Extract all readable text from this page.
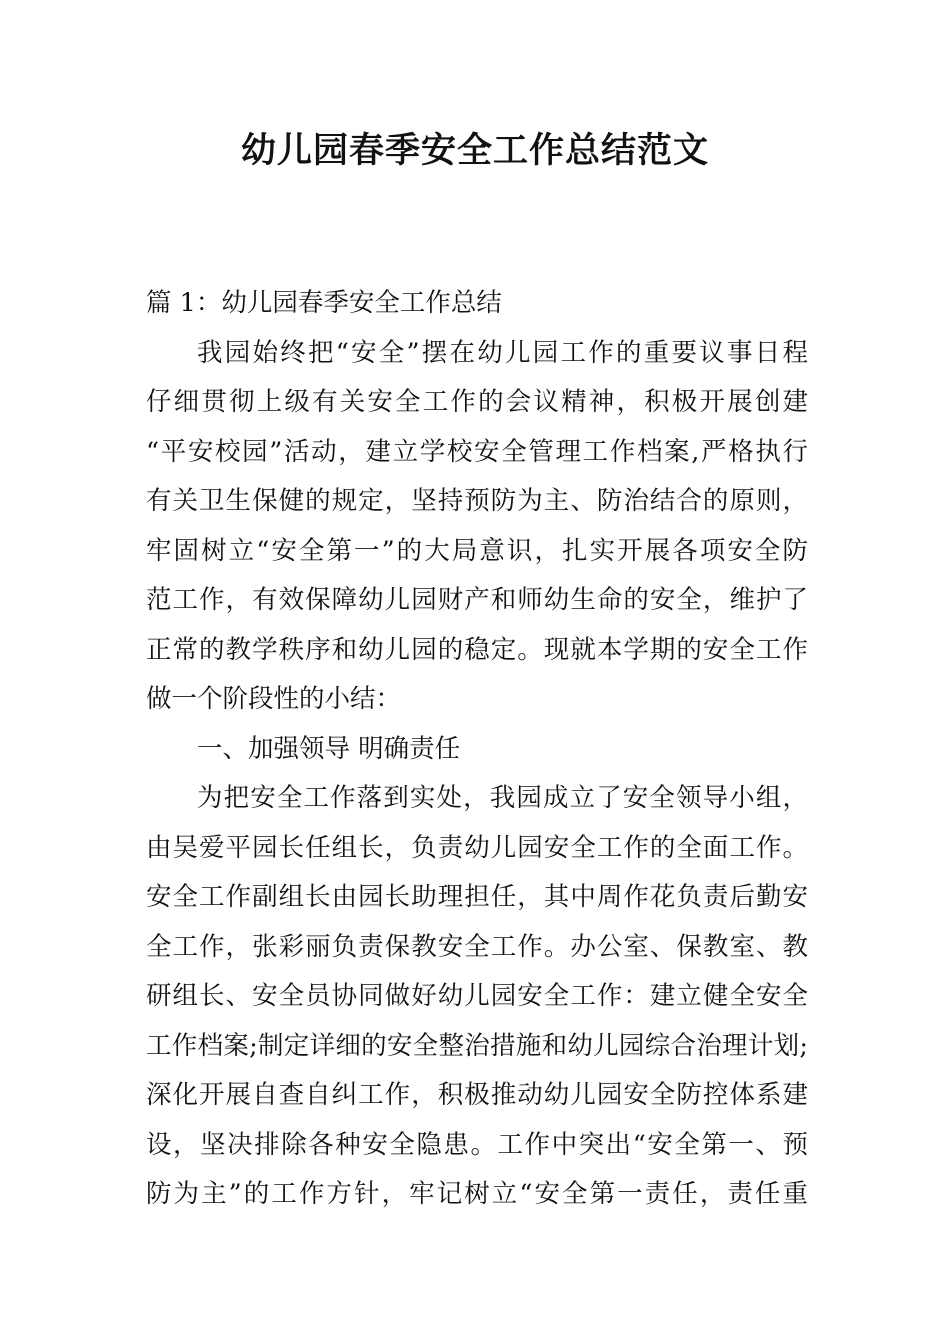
幼儿园春季安全工作总结范文
篇 1：幼儿园春季安全工作总结
我园始终把“安全”摆在幼儿园工作的重要议事日程
仔细贯彻上级有关安全工作的会议精神，积极开展创建
“平安校园”活动，建立学校安全管理工作档案,严格执行
有关卫生保健的规定，坚持预防为主、防治结合的原则，
牢固树立“安全第一”的大局意识，扎实开展各项安全防
范工作，有效保障幼儿园财产和师幼生命的安全，维护了
正常的教学秩序和幼儿园的稳定。现就本学期的安全工作
做一个阶段性的小结：
一、加强领导 明确责任
为把安全工作落到实处，我园成立了安全领导小组，
由吴爱平园长任组长，负责幼儿园安全工作的全面工作。
安全工作副组长由园长助理担任，其中周作花负责后勤安
全工作，张彩丽负责保教安全工作。办公室、保教室、教
研组长、安全员协同做好幼儿园安全工作：建立健全安全
工作档案;制定详细的安全整治措施和幼儿园综合治理计划;
深化开展自查自纠工作，积极推动幼儿园安全防控体系建
设，坚决排除各种安全隐患。工作中突出“安全第一、预
防为主”的工作方针，牢记树立“安全第一责任，责任重
